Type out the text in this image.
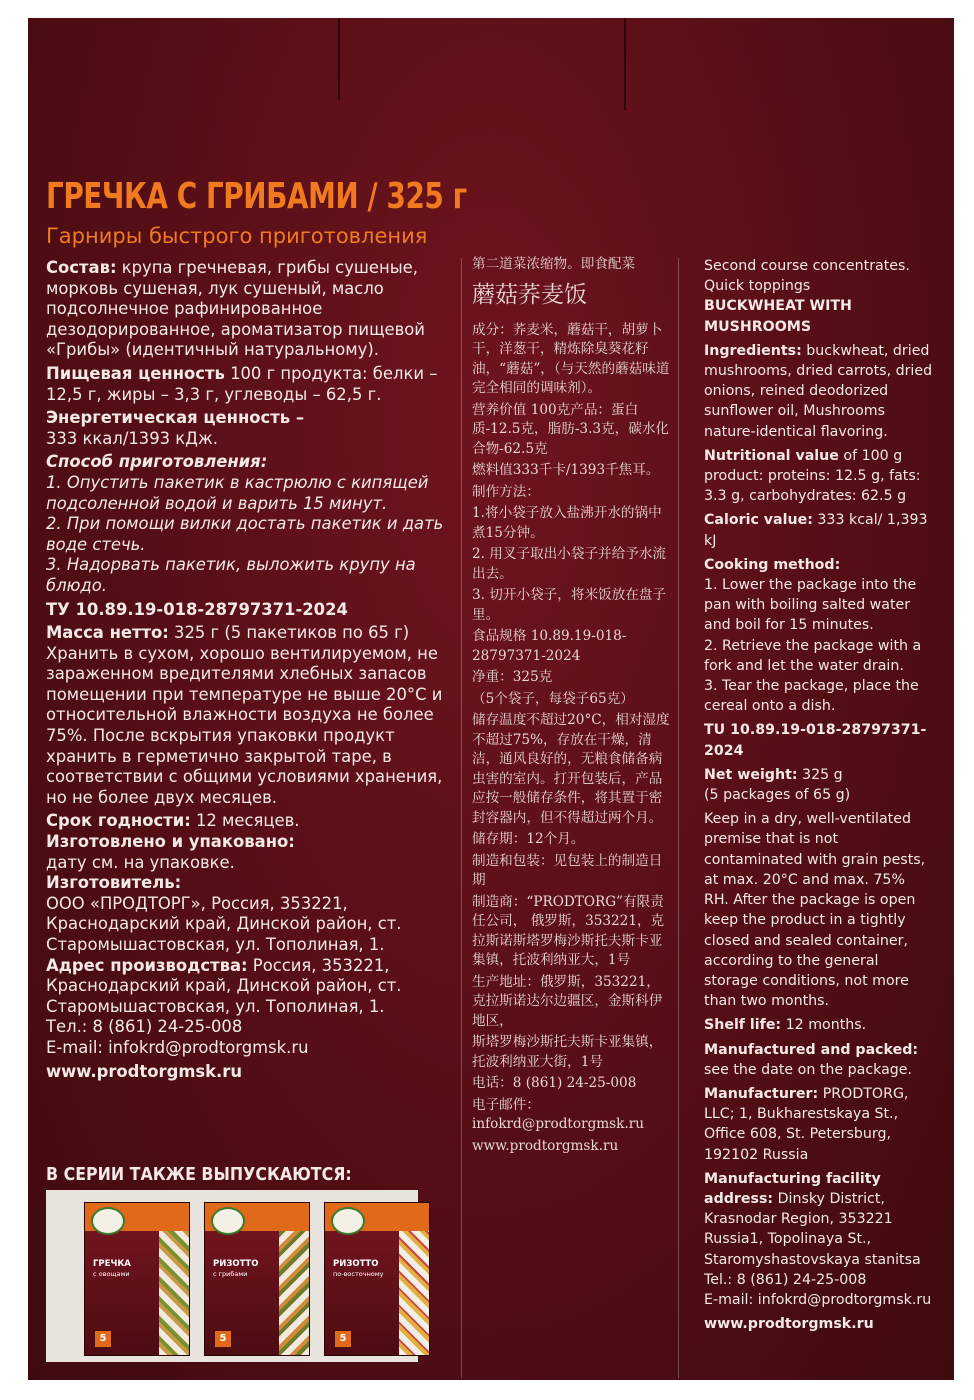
ГРЕЧКА С ГРИБАМИ / 325 г
Гарниры быстрого приготовления

Состав: крупа гречневая, грибы сушеные, морковь сушеная, лук сушеный, масло подсолнечное рафинированное дезодорированное, ароматизатор пищевой «Грибы» (идентичный натуральному).

Пищевая ценность 100 г продукта: белки – 12,5 г, жиры – 3,3 г, углеводы – 62,5 г.

Энергетическая ценность –

333 ккал/1393 кДж.

Способ приготовления:

1. Опустить пакетик в кастрюлю с кипящей подсоленной водой и варить 15 минут.

2. При помощи вилки достать пакетик и дать воде стечь.

3. Надорвать пакетик, выложить крупу на блюдо.

ТУ 10.89.19-018-28797371-2024

Масса нетто: 325 г (5 пакетиков по 65 г)

Хранить в сухом, хорошо вентилируемом, не зараженном вредителями хлебных запасов помещении при температуре не выше 20°С и относительной влажности воздуха не более 75%. После вскрытия упаковки продукт хранить в герметично закрытой таре, в соответствии с общими условиями хранения, но не более двух месяцев.

Срок годности: 12 месяцев.

Изготовлено и упаковано:

дату см. на упаковке.

Изготовитель:

ООО «ПРОДТОРГ», Россия, 353221, Краснодарский край, Динской район, ст. Старомышастовская, ул. Тополиная, 1.

Адрес производства: Россия, 353221, Краснодарский край, Динской район, ст. Старомышастовская, ул. Тополиная, 1.

Тел.: 8 (861) 24-25-008

E-mail: infokrd@prodtorgmsk.ru

www.prodtorgmsk.ru

第二道菜浓缩物。即食配菜

蘑菇荞麦饭

成分：荞麦米，蘑菇干，胡萝卜干，洋葱干，精炼除臭葵花籽油，“蘑菇”，（与天然的蘑菇味道完全相同的调味剂）。

营养价值 100克产品：蛋白质-12.5克，脂肪-3.3克，碳水化合物-62.5克

燃料值333千卡/1393千焦耳。

制作方法：

1.将小袋子放入盐沸开水的锅中煮15分钟。

2. 用叉子取出小袋子并给予水流出去。

3. 切开小袋子，将米饭放在盘子里。

食品规格 10.89.19-018-28797371-2024

净重：325克

（5个袋子，每袋子65克）

储存温度不超过20°C，相对湿度不超过75%，存放在干燥，清洁，通风良好的，无粮食储备病虫害的室内。打开包装后，产品应按一般储存条件，将其置于密封容器内，但不得超过两个月。

储存期：12个月。

制造和包装：见包装上的制造日期

制造商：“PRODTORG”有限责任公司， 俄罗斯，353221，克拉斯诺斯塔罗梅沙斯托夫斯卡亚集镇，托波利纳亚大，1号

生产地址：俄罗斯，353221，克拉斯诺达尔边疆区，金斯科伊地区，

斯塔罗梅沙斯托夫斯卡亚集镇，托波利纳亚大街，1号

电话：8 (861) 24-25-008

电子邮件：infokrd@prodtorgmsk.ru

www.prodtorgmsk.ru

Second course concentrates.

Quick toppings

BUCKWHEAT WITH MUSHROOMS

Ingredients: buckwheat, dried mushrooms, dried carrots, dried onions, reined deodorized sunflower oil, Mushrooms nature-identical flavoring.

Nutritional value of 100 g product: proteins: 12.5 g, fats: 3.3 g, carbohydrates: 62.5 g

Caloric value: 333 kcal/ 1,393 kJ

Cooking method:

1. Lower the package into the pan with boiling salted water and boil for 15 minutes.

2. Retrieve the package with a fork and let the water drain.

3. Tear the package, place the cereal onto a dish.

TU 10.89.19-018-28797371-2024

Net weight: 325 g

(5 packages of 65 g)

Keep in a dry, well-ventilated premise that is not contaminated with grain pests, at max. 20°C and max. 75% RH. After the package is open keep the product in a tightly closed and sealed container, according to the general storage conditions, not more than two months.

Shelf life: 12 months.

Manufactured and packed: see the date on the package.

Manufacturer: PRODTORG, LLC; 1, Bukharestskaya St., Office 608, St. Petersburg, 192102 Russia

Manufacturing facility address: Dinsky District, Krasnodar Region, 353221 Russia1, Topolinaya St., Staromyshastovskaya stanitsa

Tel.: 8 (861) 24-25-008

E-mail: infokrd@prodtorgmsk.ru

www.prodtorgmsk.ru

В СЕРИИ ТАКЖЕ ВЫПУСКАЮТСЯ:
ГРЕЧКА
с овощами
5
РИЗОТТО
с грибами
5
РИЗОТТО
по-восточному
5
